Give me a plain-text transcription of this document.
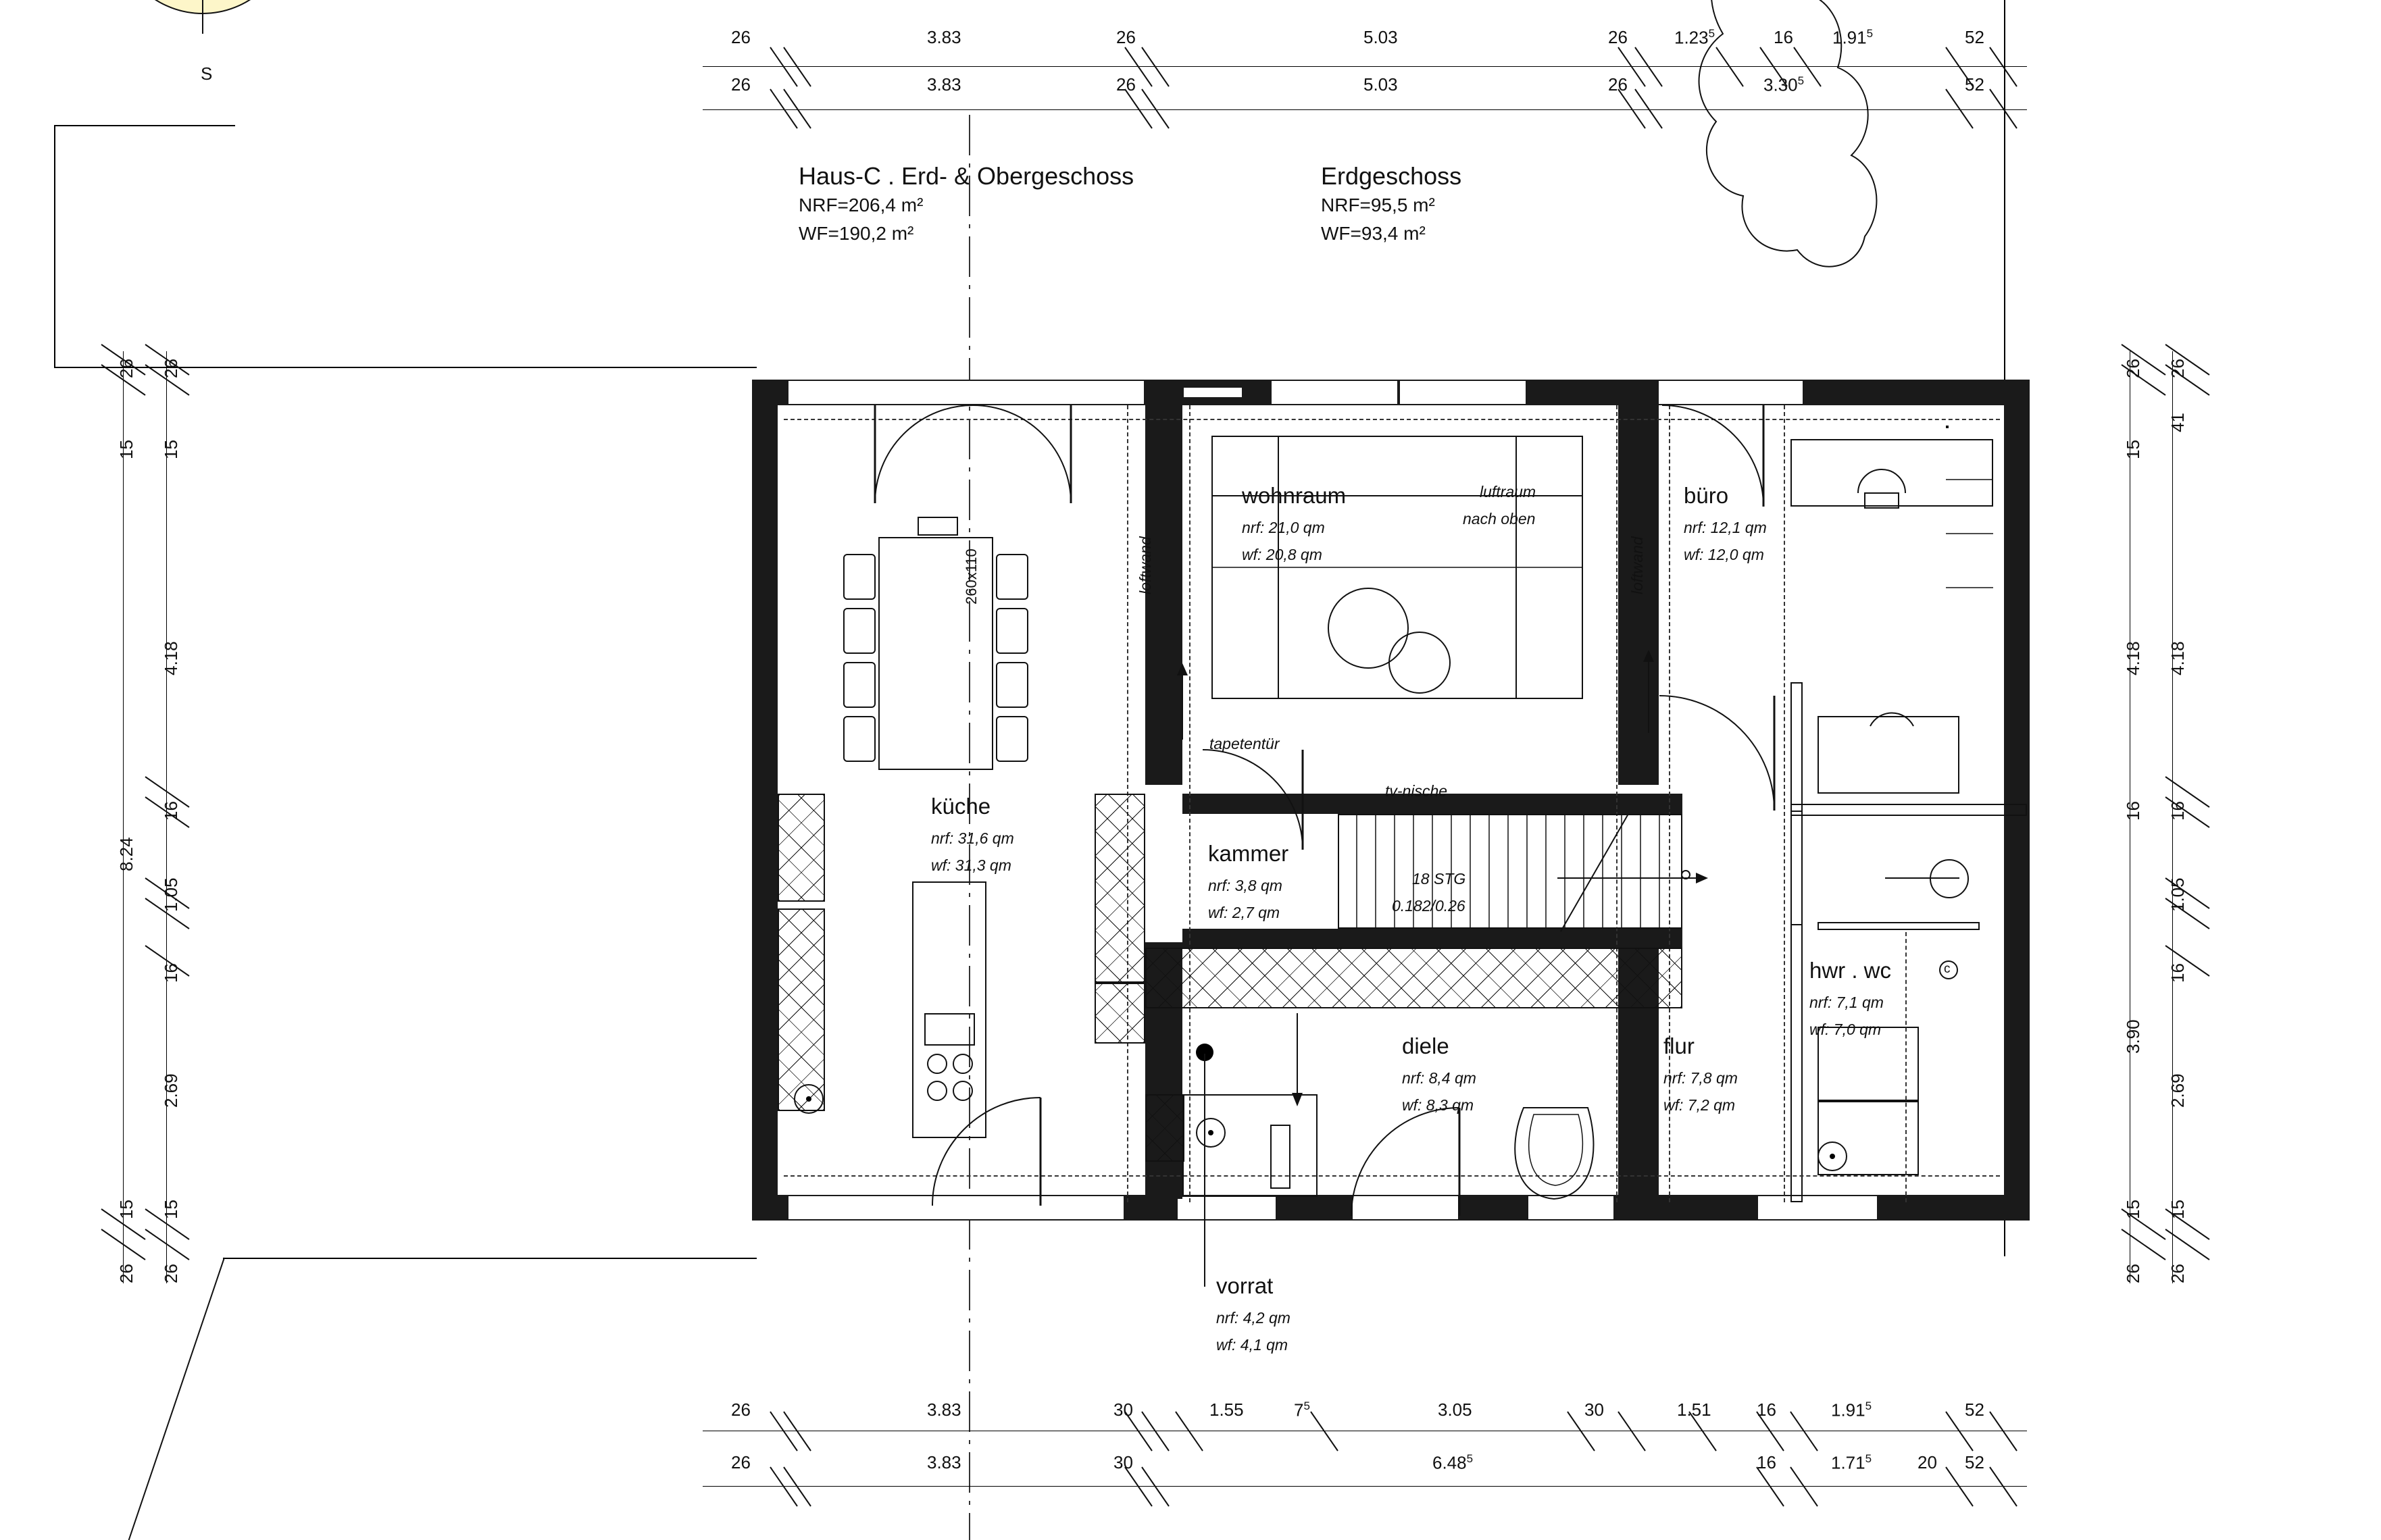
S
Haus-C . Erd- & Obergeschoss
NRF=206,4 m²
WF=190,2 m²
Erdgeschoss
NRF=95,5 m²
WF=93,4 m²
26	3.83	26	5.03	26	1.23$^5$	16 1.91$^5$	52
26	3.83	26	5.03	26	3.30$^5$	52
26	3.83	30	1.55	$7^5$	3.05	30	1.51	16	1.91$^5$	52
26	3.83	30	6.48$^5$	16	1.71$^5$	20 52
26
15
8.24
15
26
26
15
4.18
16
1.05
16
2.69
15
26
26
15
4.18
16
3.90
15
26
26
41
4.18
16
1.05
16
2.69
15
26
wohnraum
nrf: 21,0 qm
wf: 20,8 qm
luftraum
nach oben
loftwand	loftwand
büro
nrf: 12,1 qm
wf: 12,0 qm
küche
nrf: 31,6 qm
wf: 31,3 qm
260x110
kammer
nrf: 3,8 qm
wf: 2,7 qm
tapetentür
tv-nische
18 STG
0.182/0.26
diele
nrf: 8,4 qm
wf: 8,3 qm
vorrat
nrf: 4,2 qm
wf: 4,1 qm
flur
nrf: 7,8 qm
wf: 7,2 qm
hwr . wc
nrf: 7,1 qm
wf: 7,0 qm
c
